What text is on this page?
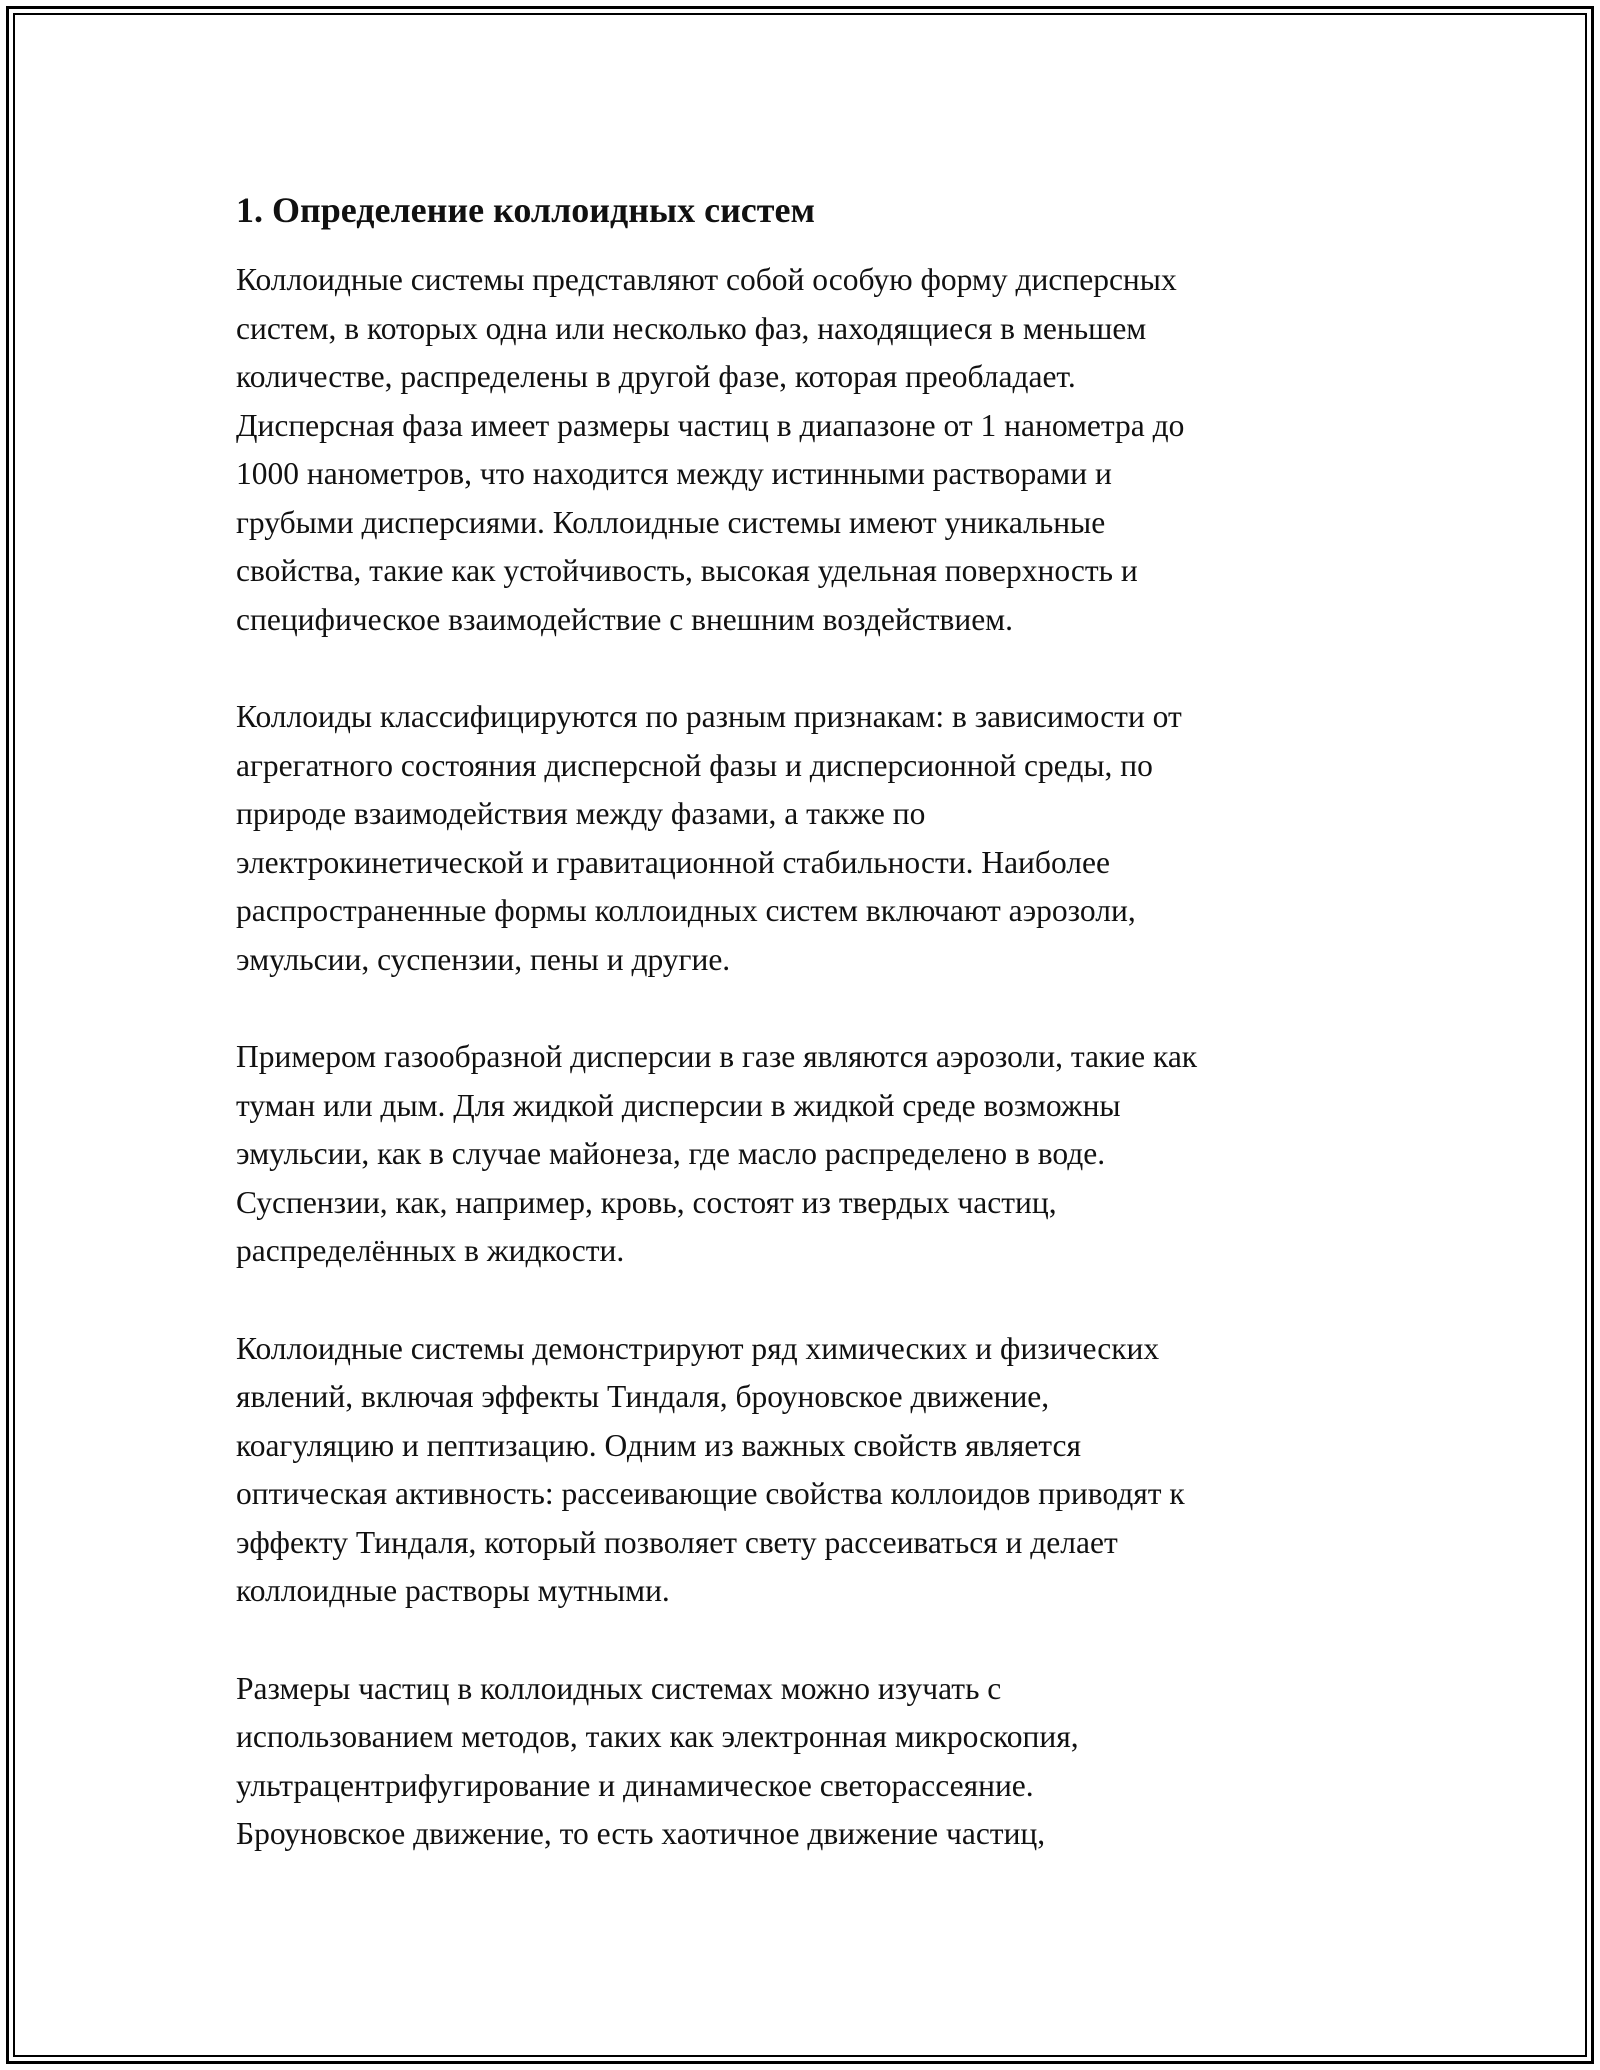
1. Определение коллоидных систем

Коллоидные системы представляют собой особую форму дисперсных
систем, в которых одна или несколько фаз, находящиеся в меньшем
количестве, распределены в другой фазе, которая преобладает.
Дисперсная фаза имеет размеры частиц в диапазоне от 1 нанометра до
1000 нанометров, что находится между истинными растворами и
грубыми дисперсиями. Коллоидные системы имеют уникальные
свойства, такие как устойчивость, высокая удельная поверхность и
специфическое взаимодействие с внешним воздействием.

Коллоиды классифицируются по разным признакам: в зависимости от
агрегатного состояния дисперсной фазы и дисперсионной среды, по
природе взаимодействия между фазами, а также по
электрокинетической и гравитационной стабильности. Наиболее
распространенные формы коллоидных систем включают аэрозоли,
эмульсии, суспензии, пены и другие.

Примером газообразной дисперсии в газе являются аэрозоли, такие как
туман или дым. Для жидкой дисперсии в жидкой среде возможны
эмульсии, как в случае майонеза, где масло распределено в воде.
Суспензии, как, например, кровь, состоят из твердых частиц,
распределённых в жидкости.

Коллоидные системы демонстрируют ряд химических и физических
явлений, включая эффекты Тиндаля, броуновское движение,
коагуляцию и пептизацию. Одним из важных свойств является
оптическая активность: рассеивающие свойства коллоидов приводят к
эффекту Тиндаля, который позволяет свету рассеиваться и делает
коллоидные растворы мутными.

Размеры частиц в коллоидных системах можно изучать с
использованием методов, таких как электронная микроскопия,
ультрацентрифугирование и динамическое светорассеяние.
Броуновское движение, то есть хаотичное движение частиц,
